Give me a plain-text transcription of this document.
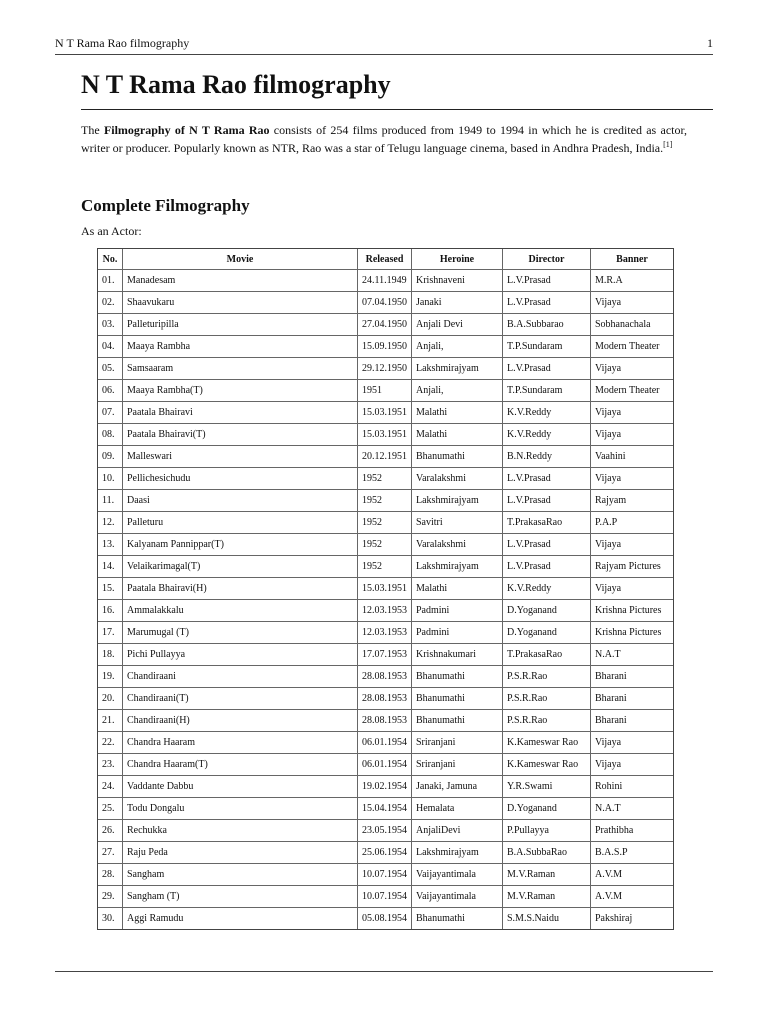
N T Rama Rao filmography	1
N T Rama Rao filmography

The Filmography of N T Rama Rao consists of 254 films produced from 1949 to 1994 in which he is credited as actor, writer or producer. Popularly known as NTR, Rao was a star of Telugu language cinema, based in Andhra Pradesh, India.[1]

Complete Filmography

As an Actor:

No.	Movie	Released	Heroine	Director	Banner
01.	Manadesam	24.11.1949	Krishnaveni	L.V.Prasad	M.R.A
02.	Shaavukaru	07.04.1950	Janaki	L.V.Prasad	Vijaya
03.	Palleturipilla	27.04.1950	Anjali Devi	B.A.Subbarao	Sobhanachala
04.	Maaya Rambha	15.09.1950	Anjali,	T.P.Sundaram	Modern Theater
05.	Samsaaram	29.12.1950	Lakshmirajyam	L.V.Prasad	Vijaya
06.	Maaya Rambha(T)	1951	Anjali,	T.P.Sundaram	Modern Theater
07.	Paatala Bhairavi	15.03.1951	Malathi	K.V.Reddy	Vijaya
08.	Paatala Bhairavi(T)	15.03.1951	Malathi	K.V.Reddy	Vijaya
09.	Malleswari	20.12.1951	Bhanumathi	B.N.Reddy	Vaahini
10.	Pellichesichudu	1952	Varalakshmi	L.V.Prasad	Vijaya
11.	Daasi	1952	Lakshmirajyam	L.V.Prasad	Rajyam
12.	Palleturu	1952	Savitri	T.PrakasaRao	P.A.P
13.	Kalyanam Pannippar(T)	1952	Varalakshmi	L.V.Prasad	Vijaya
14.	Velaikarimagal(T)	1952	Lakshmirajyam	L.V.Prasad	Rajyam Pictures
15.	Paatala Bhairavi(H)	15.03.1951	Malathi	K.V.Reddy	Vijaya
16.	Ammalakkalu	12.03.1953	Padmini	D.Yoganand	Krishna Pictures
17.	Marumugal (T)	12.03.1953	Padmini	D.Yoganand	Krishna Pictures
18.	Pichi Pullayya	17.07.1953	Krishnakumari	T.PrakasaRao	N.A.T
19.	Chandiraani	28.08.1953	Bhanumathi	P.S.R.Rao	Bharani
20.	Chandiraani(T)	28.08.1953	Bhanumathi	P.S.R.Rao	Bharani
21.	Chandiraani(H)	28.08.1953	Bhanumathi	P.S.R.Rao	Bharani
22.	Chandra Haaram	06.01.1954	Sriranjani	K.Kameswar Rao	Vijaya
23.	Chandra Haaram(T)	06.01.1954	Sriranjani	K.Kameswar Rao	Vijaya
24.	Vaddante Dabbu	19.02.1954	Janaki, Jamuna	Y.R.Swami	Rohini
25.	Todu Dongalu	15.04.1954	Hemalata	D.Yoganand	N.A.T
26.	Rechukka	23.05.1954	AnjaliDevi	P.Pullayya	Prathibha
27.	Raju Peda	25.06.1954	Lakshmirajyam	B.A.SubbaRao	B.A.S.P
28.	Sangham	10.07.1954	Vaijayantimala	M.V.Raman	A.V.M
29.	Sangham (T)	10.07.1954	Vaijayantimala	M.V.Raman	A.V.M
30.	Aggi Ramudu	05.08.1954	Bhanumathi	S.M.S.Naidu	Pakshiraj
